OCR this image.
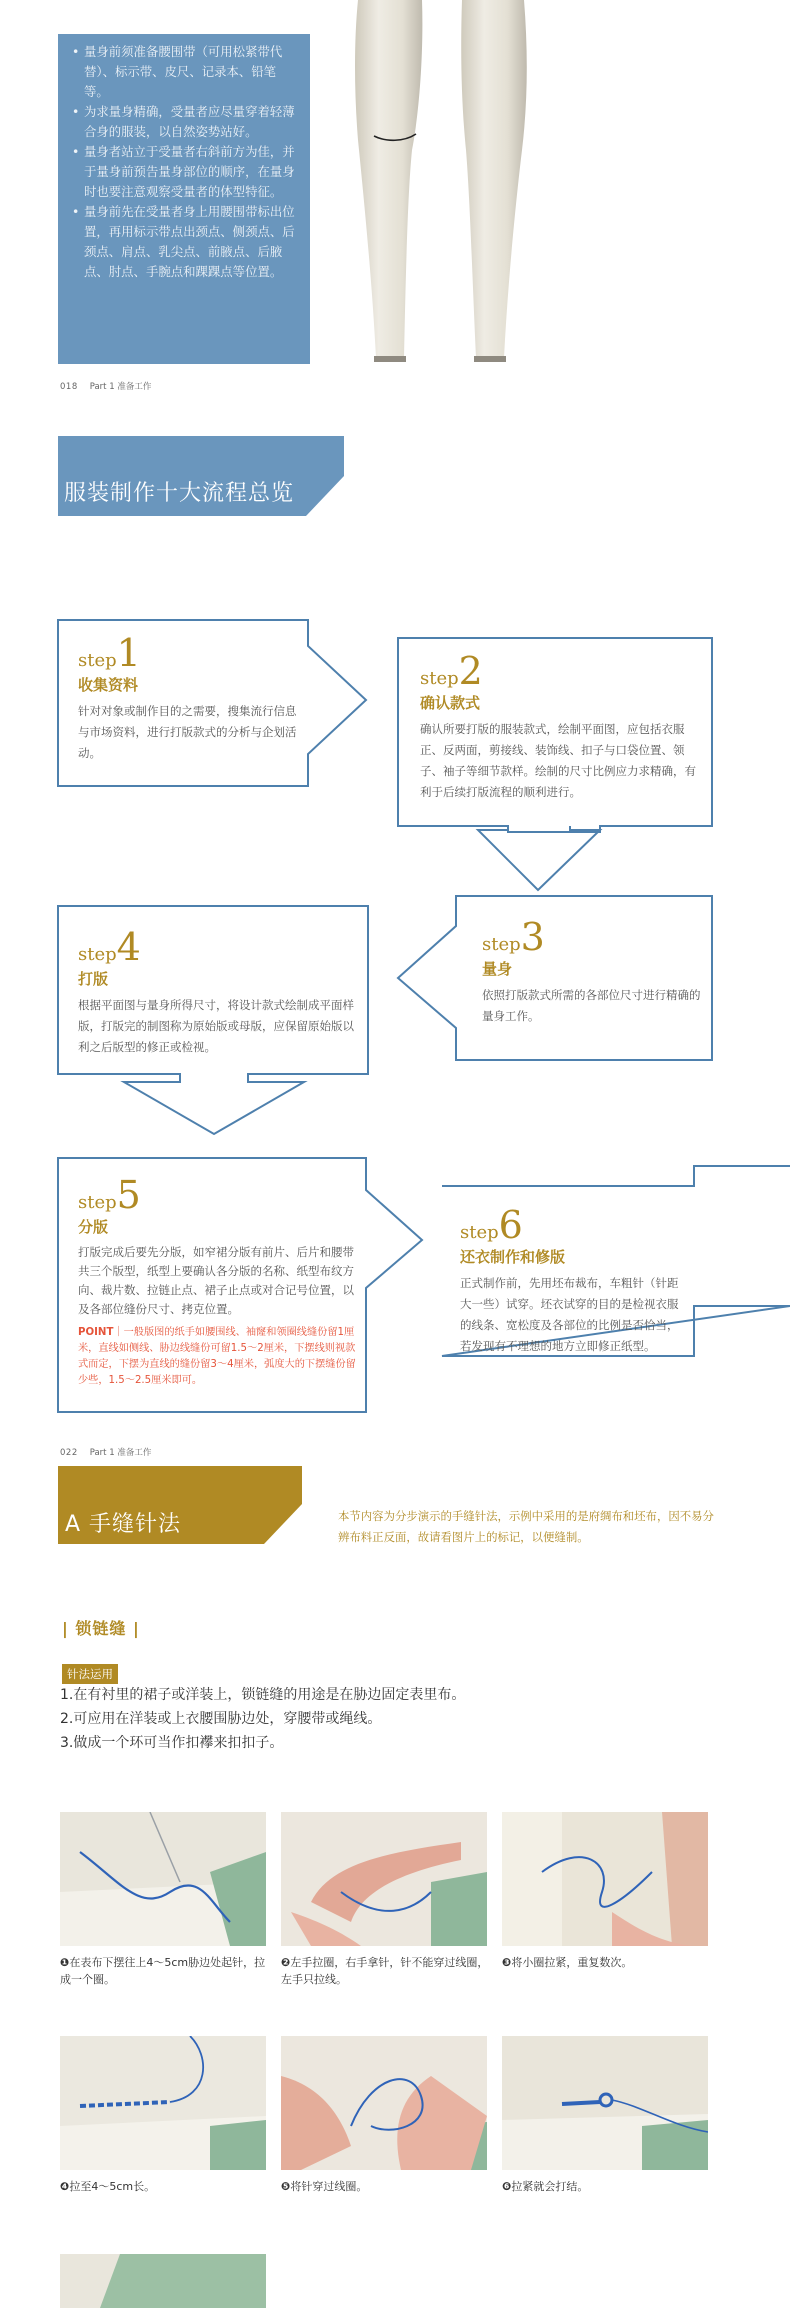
• 量身前须准备腰围带（可用松紧带代替）、标示带、皮尺、记录本、铅笔等。
• 为求量身精确，受量者应尽量穿着轻薄合身的服装，以自然姿势站好。
• 量身者站立于受量者右斜前方为佳，并于量身前预告量身部位的顺序，在量身时也要注意观察受量者的体型特征。
• 量身前先在受量者身上用腰围带标出位置，再用标示带点出颈点、侧颈点、后颈点、肩点、乳尖点、前腋点、后腋点、肘点、手腕点和踝踝点等位置。
018 Part 1 准备工作
服装制作十大流程总览
step1
收集资料
针对对象或制作目的之需要，搜集流行信息与市场资料，进行打版款式的分析与企划活动。
step2
确认款式
确认所要打版的服装款式，绘制平面图，应包括衣服正、反两面，剪接线、装饰线、扣子与口袋位置、领子、袖子等细节款样。绘制的尺寸比例应力求精确，有利于后续打版流程的顺利进行。
step3
量身
依照打版款式所需的各部位尺寸进行精确的量身工作。
step4
打版
根据平面图与量身所得尺寸，将设计款式绘制成平面样版，打版完的制图称为原始版或母版，应保留原始版以利之后版型的修正或检视。
step5
分版
打版完成后要先分版，如窄裙分版有前片、后片和腰带共三个版型，纸型上要确认各分版的名称、纸型布纹方向、裁片数、拉链止点、裙子止点或对合记号位置，以及各部位缝份尺寸、拷克位置。
POINT｜一般版图的纸手如腰围线、袖窿和领圈线缝份留1厘米，直线如侧线、胁边线缝份可留1.5～2厘米，下摆线则视款式而定，下摆为直线的缝份留3～4厘米，弧度大的下摆缝份留少些，1.5～2.5厘米即可。
step6
还衣制作和修版
正式制作前，先用坯布裁布，车粗针（针距大一些）试穿。坯衣试穿的目的是检视衣服的线条、宽松度及各部位的比例是否恰当，若发现有不理想的地方立即修正纸型。
022 Part 1 准备工作
A 手缝针法	本节内容为分步演示的手缝针法，示例中采用的是府绸布和坯布，因不易分辨布料正反面，故请看图片上的标记，以便缝制。
| 锁链缝 |
针法运用
1.在有衬里的裙子或洋装上，锁链缝的用途是在胁边固定表里布。
2.可应用在洋装或上衣腰围胁边处，穿腰带或绳线。
3.做成一个环可当作扣襻来扣扣子。
❶在表布下摆往上4～5cm胁边处起针，拉成一个圈。
❷左手拉圈，右手拿针，针不能穿过线圈，左手只拉线。
❸将小圈拉紧，重复数次。
❹拉至4～5cm长。	❺将针穿过线圈。	❻拉紧就会打结。
